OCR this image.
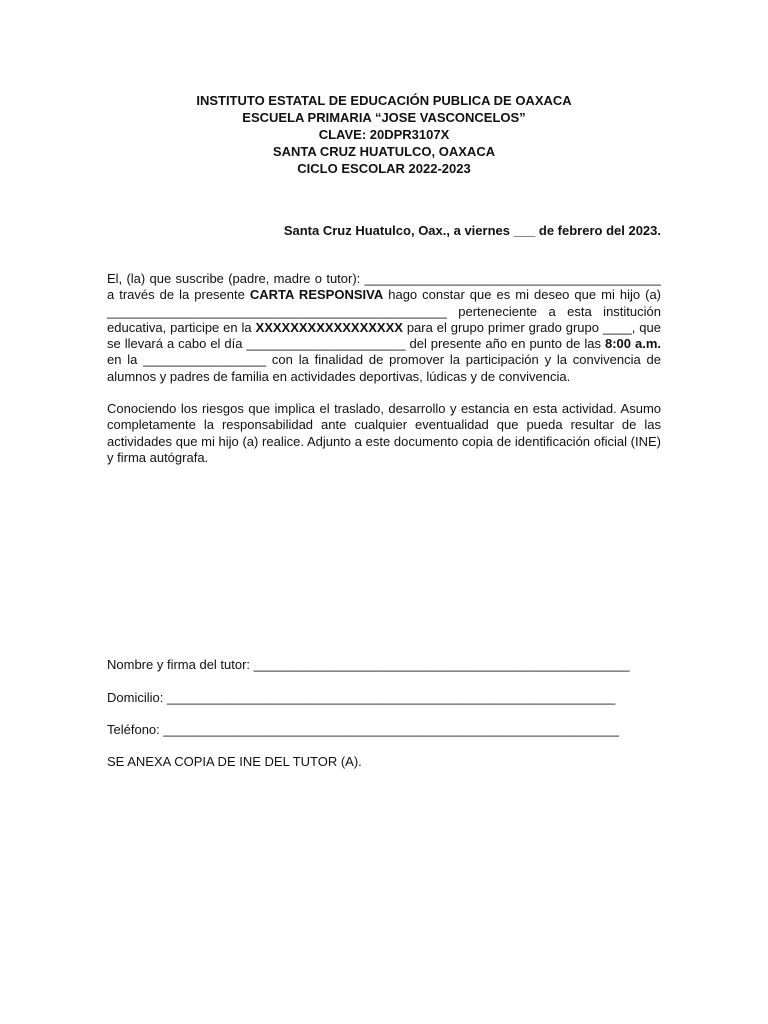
INSTITUTO ESTATAL DE EDUCACIÓN PUBLICA DE OAXACA
ESCUELA PRIMARIA “JOSE VASCONCELOS”
CLAVE: 20DPR3107X
SANTA CRUZ HUATULCO, OAXACA
CICLO ESCOLAR 2022-2023
Santa Cruz Huatulco, Oax., a viernes ___ de febrero del 2023.

El, (la) que suscribe (padre, madre o tutor): _________________________________________ a través de la presente CARTA RESPONSIVA hago constar que es mi deseo que mi hijo (a) _______________________________________________ perteneciente a esta institución educativa, participe en la XXXXXXXXXXXXXXXXX para el grupo primer grado grupo ____, que se llevará a cabo el día ______________________ del presente año en punto de las 8:00 a.m. en la _________________ con la finalidad de promover la participación y la convivencia de alumnos y padres de familia en actividades deportivas, lúdicas y de convivencia.

Conociendo los riesgos que implica el traslado, desarrollo y estancia en esta actividad. Asumo completamente la responsabilidad ante cualquier eventualidad que pueda resultar de las actividades que mi hijo (a) realice. Adjunto a este documento copia de identificación oficial (INE) y firma autógrafa.

Nombre y firma del tutor: ____________________________________________________
Domicilio: ______________________________________________________________
Teléfono: _______________________________________________________________
SE ANEXA COPIA DE INE DEL TUTOR (A).
